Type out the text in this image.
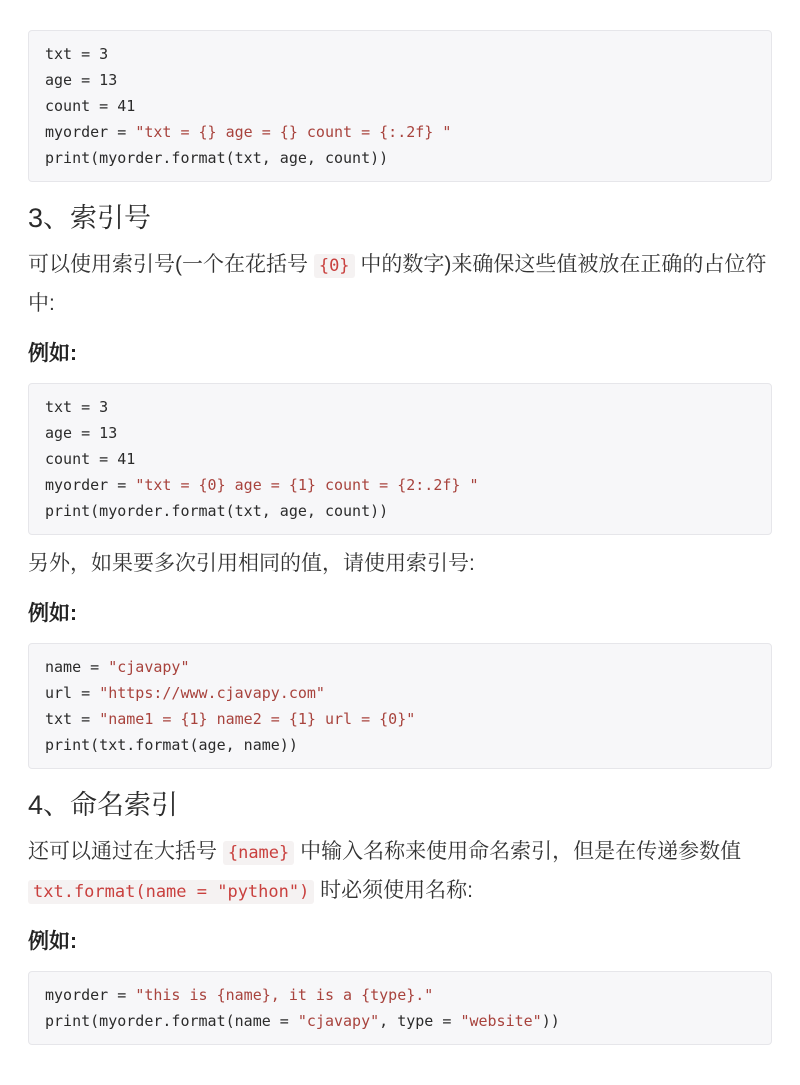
txt = 3
age = 13
count = 41
myorder = "txt = {} age = {} count = {:.2f} "
print(myorder.format(txt, age, count))
3、索引号

可以使用索引号(一个在花括号 {0} 中的数字)来确保这些值被放在正确的占位符中:

例如:

txt = 3
age = 13
count = 41
myorder = "txt = {0} age = {1} count = {2:.2f} "
print(myorder.format(txt, age, count))

另外，如果要多次引用相同的值，请使用索引号:

例如:

name = "cjavapy"
url = "https://www.cjavapy.com"
txt = "name1 = {1} name2 = {1} url = {0}"
print(txt.format(age, name))
4、命名索引

还可以通过在大括号 {name} 中输入名称来使用命名索引，但是在传递参数值 txt.format(name = "python") 时必须使用名称:

例如:

myorder = "this is {name}, it is a {type}."
print(myorder.format(name = "cjavapy", type = "website"))
